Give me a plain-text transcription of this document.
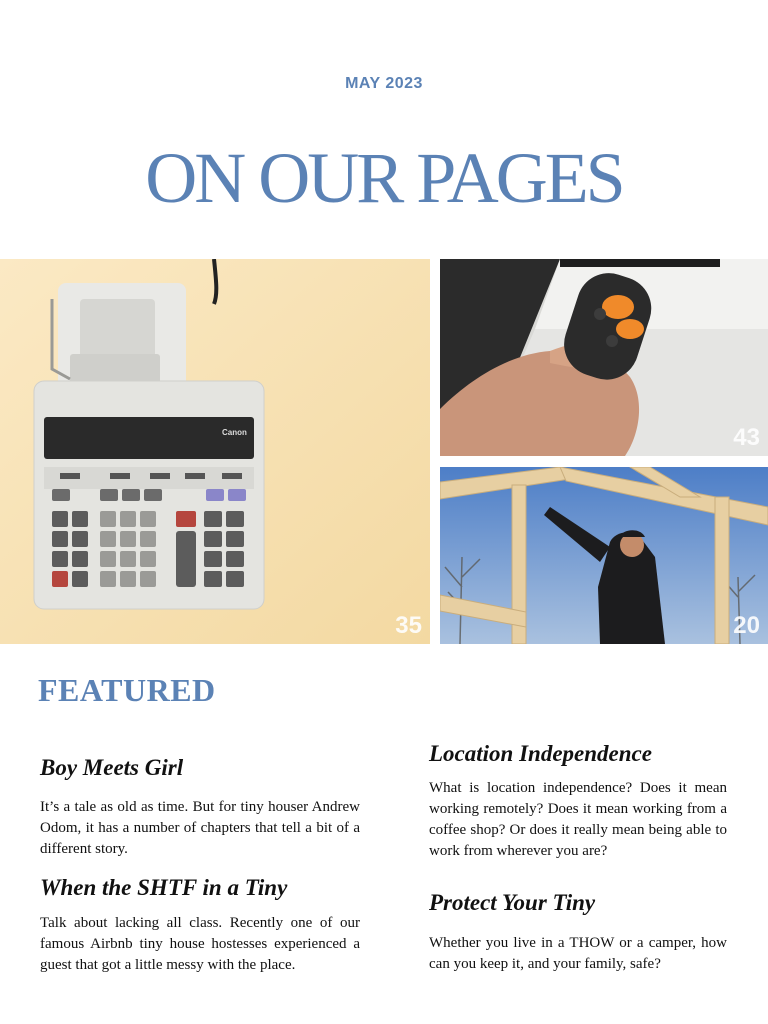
MAY 2023
ON OUR PAGES
Canon
35
43
20
FEATURED
Boy Meets Girl

It’s a tale as old as time. But for tiny houser Andrew Odom, it has a number of chapters that tell a bit of a different story.

When the SHTF in a Tiny

Talk about lacking all class. Recently one of our famous Airbnb tiny house hostesses experienced a guest that got a little messy with the place.

Location Independence

What is location independence? Does it mean working remotely? Does it mean working from a coffee shop? Or does it really mean being able to work from wherever you are?

Protect Your Tiny

Whether you live in a THOW or a camper, how can you keep it, and your family, safe?
